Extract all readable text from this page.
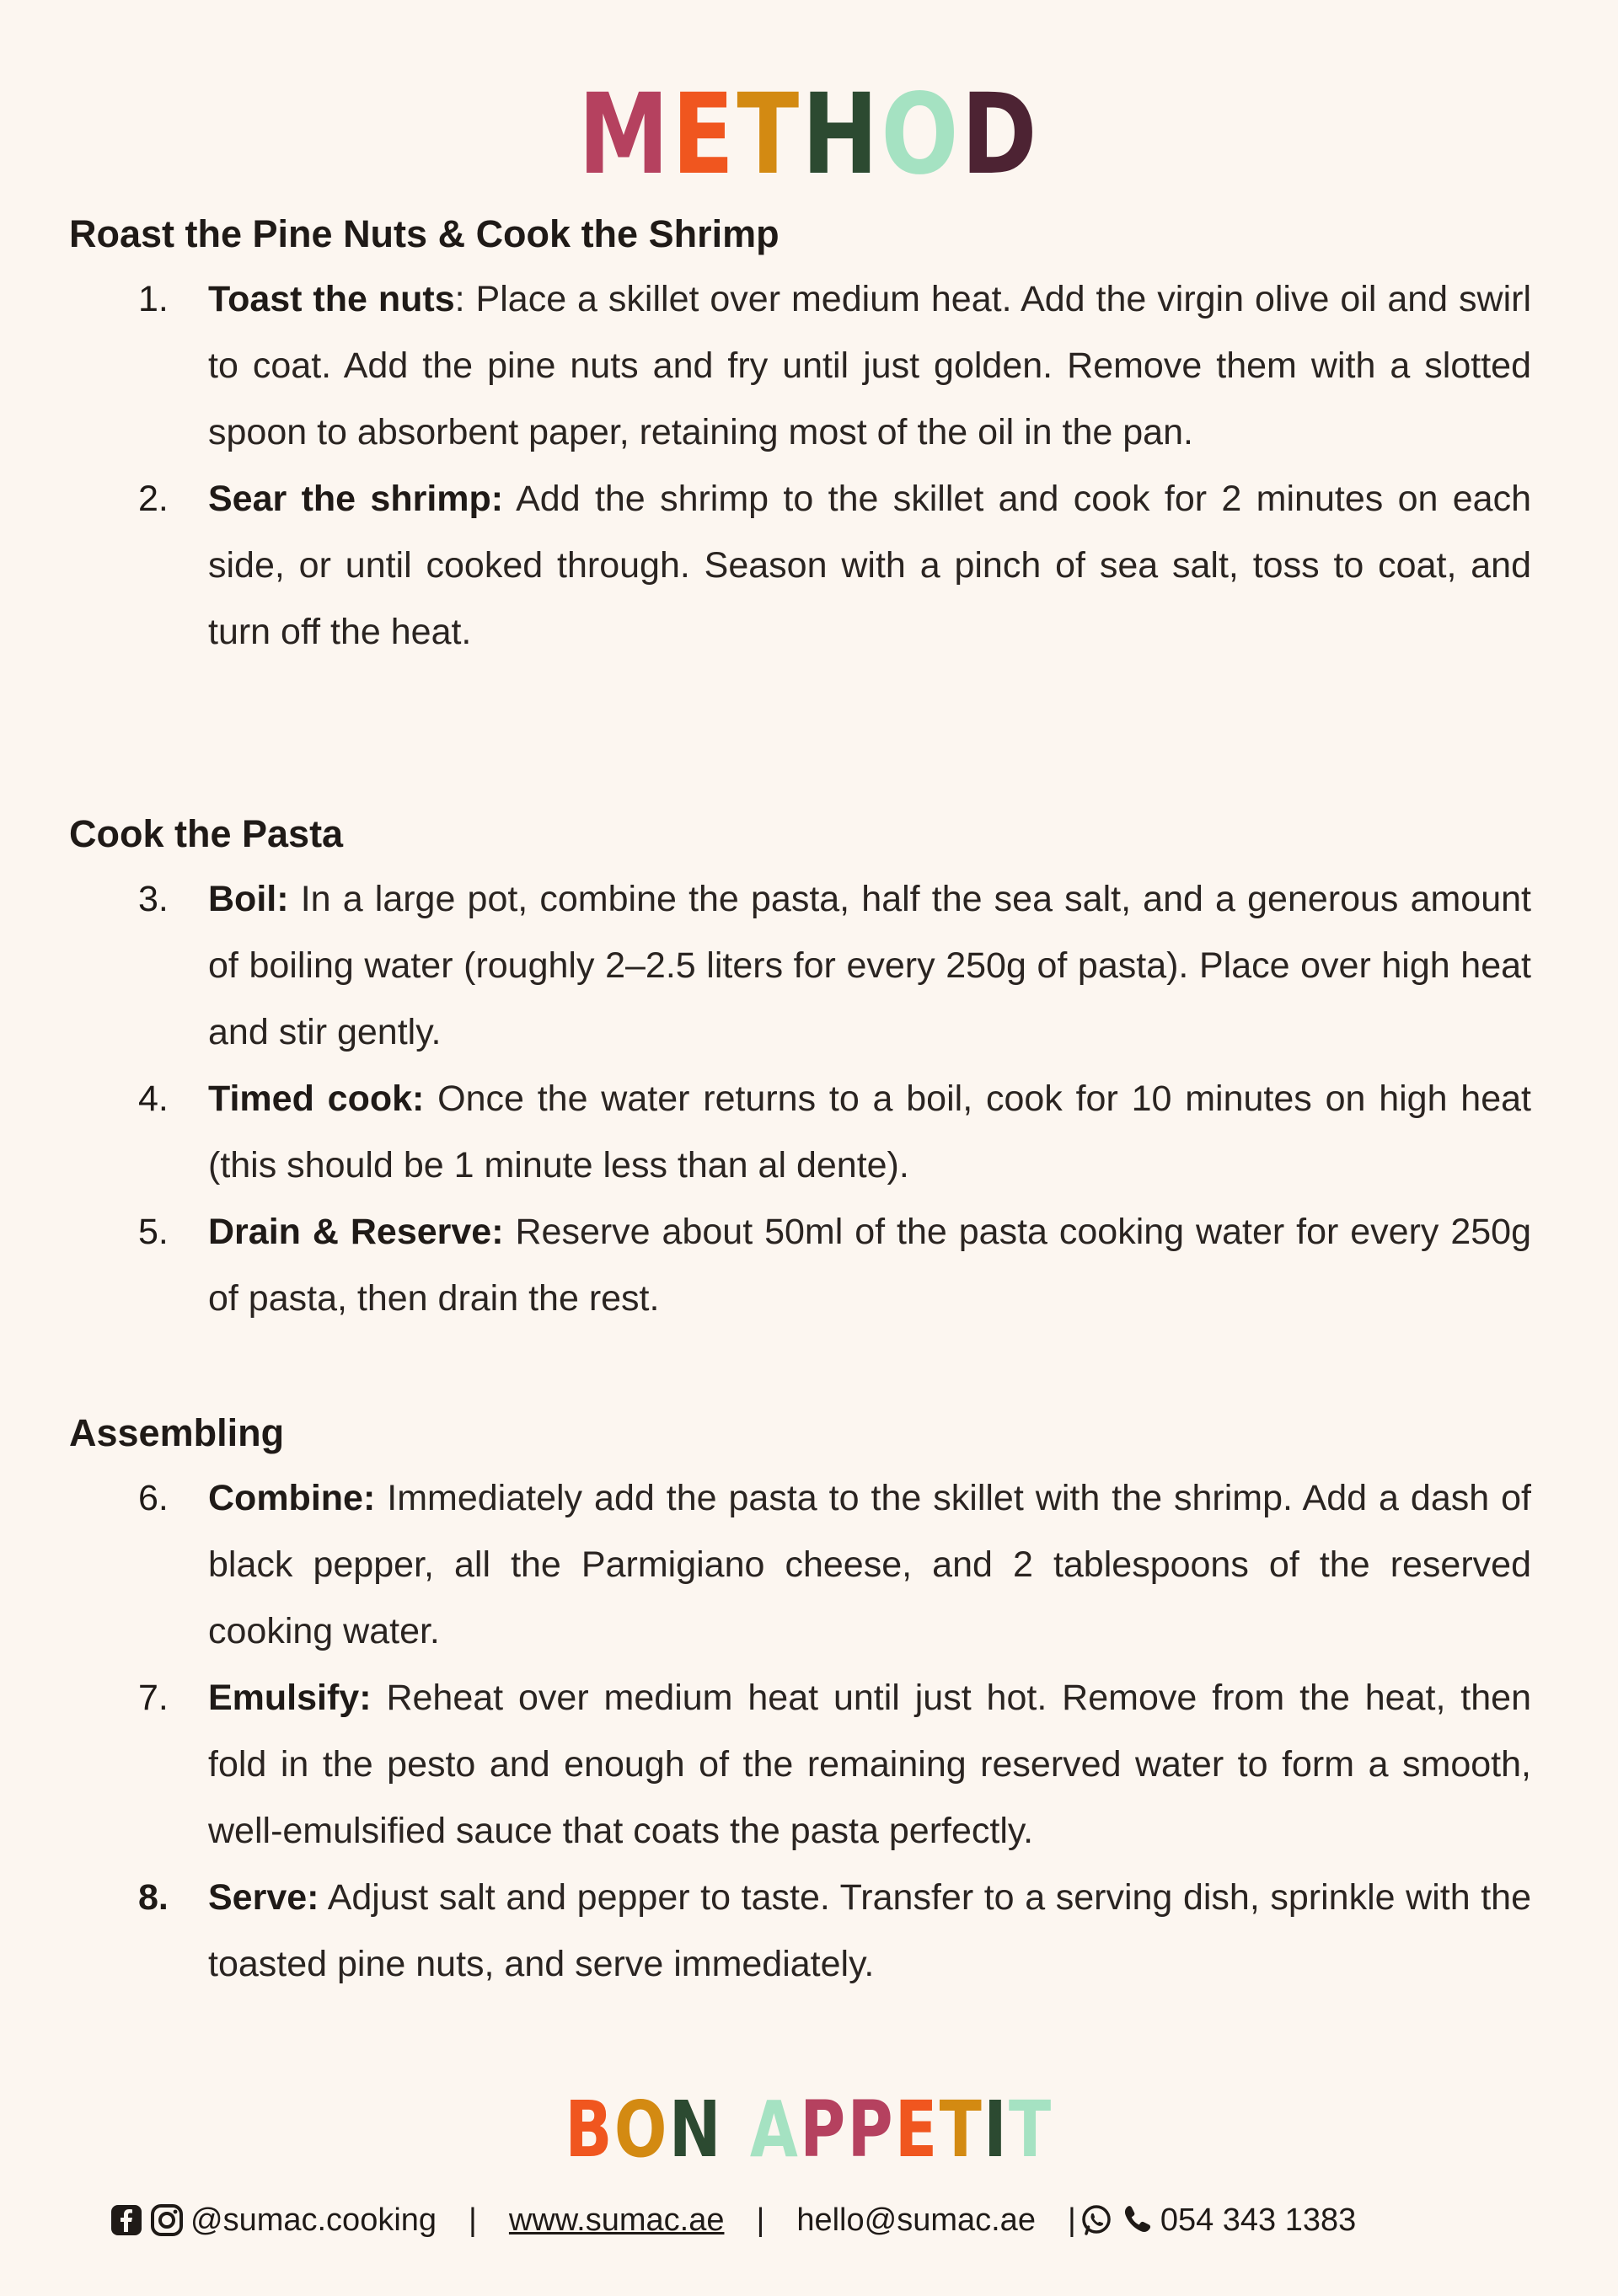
METHOD
Roast the Pine Nuts & Cook the Shrimp
1. Toast the nuts: Place a skillet over medium heat. Add the virgin olive oil and swirl to coat. Add the pine nuts and fry until just golden. Remove them with a slotted spoon to absorbent paper, retaining most of the oil in the pan.
2. Sear the shrimp: Add the shrimp to the skillet and cook for 2 minutes on each side, or until cooked through. Season with a pinch of sea salt, toss to coat, and turn off the heat.
Cook the Pasta
3. Boil: In a large pot, combine the pasta, half the sea salt, and a generous amount of boiling water (roughly 2–2.5 liters for every 250g of pasta). Place over high heat and stir gently.
4. Timed cook: Once the water returns to a boil, cook for 10 minutes on high heat (this should be 1 minute less than al dente).
5. Drain & Reserve: Reserve about 50ml of the pasta cooking water for every 250g of pasta, then drain the rest.
Assembling
6. Combine: Immediately add the pasta to the skillet with the shrimp. Add a dash of black pepper, all the Parmigiano cheese, and 2 tablespoons of the reserved cooking water.
7. Emulsify: Reheat over medium heat until just hot. Remove from the heat, then fold in the pesto and enough of the remaining reserved water to form a smooth, well-emulsified sauce that coats the pasta perfectly.
8. Serve: Adjust salt and pepper to taste. Transfer to a serving dish, sprinkle with the toasted pine nuts, and serve immediately.
BON APPETIT
@sumac.cooking | www.sumac.ae | hello@sumac.ae |	054 343 1383
